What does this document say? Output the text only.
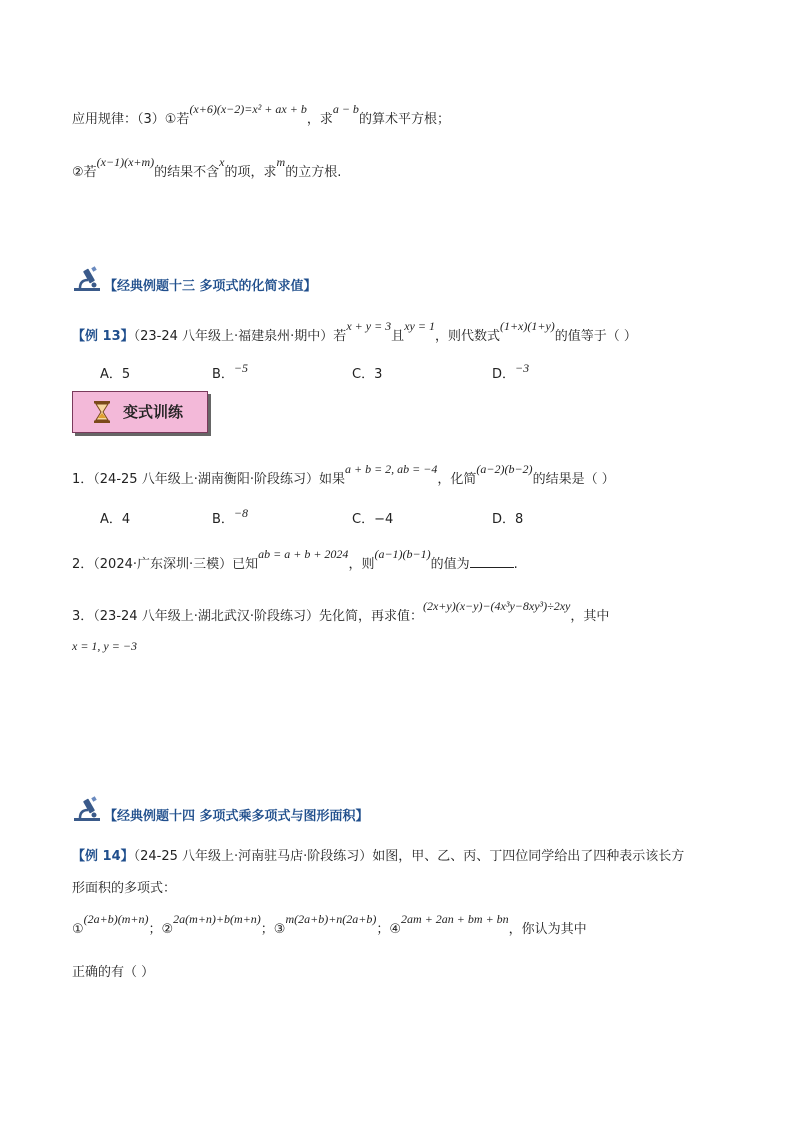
应用规律：（3）①若(x+6)(x−2)=x² + ax + b，求a − b的算术平方根；
②若(x−1)(x+m)的结果不含x的项，求m的立方根.
【经典例题十三 多项式的化简求值】
【例 13】（23-24 八年级上·福建泉州·期中）若x + y = 3且xy = 1，则代数式(1+x)(1+y)的值等于（ ）
A．5	B．−5	C．3	D．−3
变式训练
1．（24-25 八年级上·湖南衡阳·阶段练习）如果a + b = 2, ab = −4，化简(a−2)(b−2)的结果是（ ）
A．4	B．−8	C．−4	D．8
2．（2024·广东深圳·三模）已知ab = a + b + 2024，则(a−1)(b−1)的值为	.
3．（23-24 八年级上·湖北武汉·阶段练习）先化简，再求值：(2x+y)(x−y)−(4x³y−8xy³)÷2xy，其中
x = 1, y = −3
【经典例题十四 多项式乘多项式与图形面积】
【例 14】（24-25 八年级上·河南驻马店·阶段练习）如图，甲、乙、丙、丁四位同学给出了四种表示该长方
形面积的多项式：
①(2a+b)(m+n)；②2a(m+n)+b(m+n)；③m(2a+b)+n(2a+b)；④2am + 2an + bm + bn，你认为其中
正确的有（ ）
